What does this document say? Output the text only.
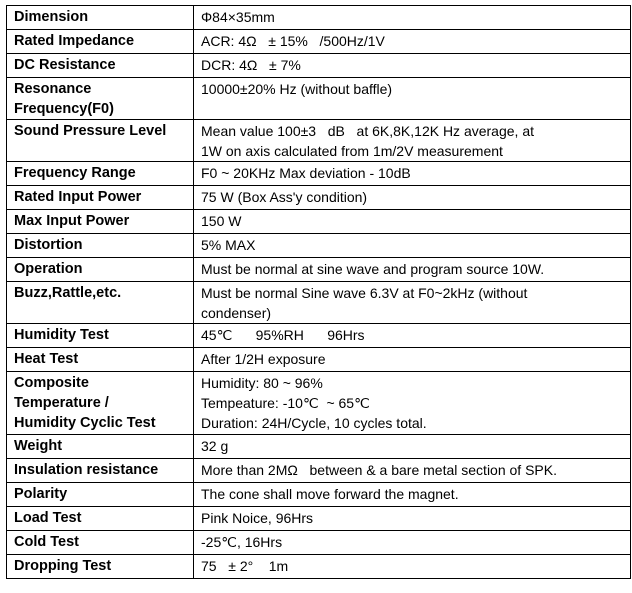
Dimension	Φ84×35mm

Rated Impedance	ACR: 4Ω   ± 15%   /500Hz/1V

DC Resistance	DCR: 4Ω   ± 7%

Resonance
Frequency(F0)	10000±20% Hz (without baffle)

Sound Pressure Level	Mean value 100±3   dB   at 6K,8K,12K Hz average, at
1W on axis calculated from 1m/2V measurement

Frequency Range	F0 ~ 20KHz Max deviation - 10dB

Rated Input Power	75 W (Box Ass'y condition)

Max Input Power	150 W

Distortion	5% MAX

Operation	Must be normal at sine wave and program source 10W.

Buzz,Rattle,etc.	Must be normal Sine wave 6.3V at F0~2kHz (without
condenser)

Humidity Test	45℃      95%RH      96Hrs

Heat Test	After 1/2H exposure

Composite
Temperature /
Humidity Cyclic Test	Humidity: 80 ~ 96%
Tempeature: -10℃  ~ 65℃
Duration: 24H/Cycle, 10 cycles total.

Weight	32 g

Insulation resistance	More than 2MΩ   between & a bare metal section of SPK.

Polarity	The cone shall move forward the magnet.

Load Test	Pink Noice, 96Hrs

Cold Test	-25℃, 16Hrs

Dropping Test	75   ± 2°    1m
